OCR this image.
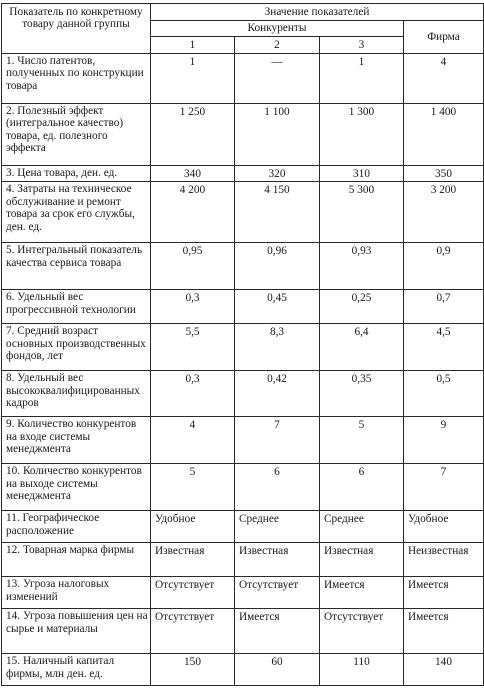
Показатель по конкретному товару данной группы	Значение показателей			
	Конкуренты			Фирма
	1	2	3	
1. Число патентов, полученных по конструкции товара	1	—	1	4
2. Полезный эффект (интегральное качество) товара, ед. полезного эффекта	1 250	1 100	1 300	1 400
3. Цена товара, ден. ед.	340	320	310	350
4. Затраты на техническое обслуживание и ремонт товара за срок его службы, ден. ед.	4 200	4 150	5 300	3 200
5. Интегральный показатель качества сервиса товара	0,95	0,96	0,93	0,9
6. Удельный вес прогрессивной технологии	0,3	0,45	0,25	0,7
7. Средний возраст основных производственных фондов, лет	5,5	8,3	6,4	4,5
8. Удельный вес высококвалифицированных кадров	0,3	0,42	0,35	0,5
9. Количество конкурентов на входе системы менеджмента	4	7	5	9
10. Количество конкурентов на выходе системы менеджмента	5	6	6	7
11. Географическое расположение	Удобное	Среднее	Среднее	Удобное
12. Товарная марка фирмы	Известная	Известная	Известная	Неизвестная
13. Угроза налоговых изменений	Отсутствует	Отсутствует	Имеется	Имеется
14. Угроза повышения цен на сырье и материалы	Отсутствует	Имеется	Отсутствует	Имеется
15. Наличный капитал фирмы, млн ден. ед.	150	60	110	140
